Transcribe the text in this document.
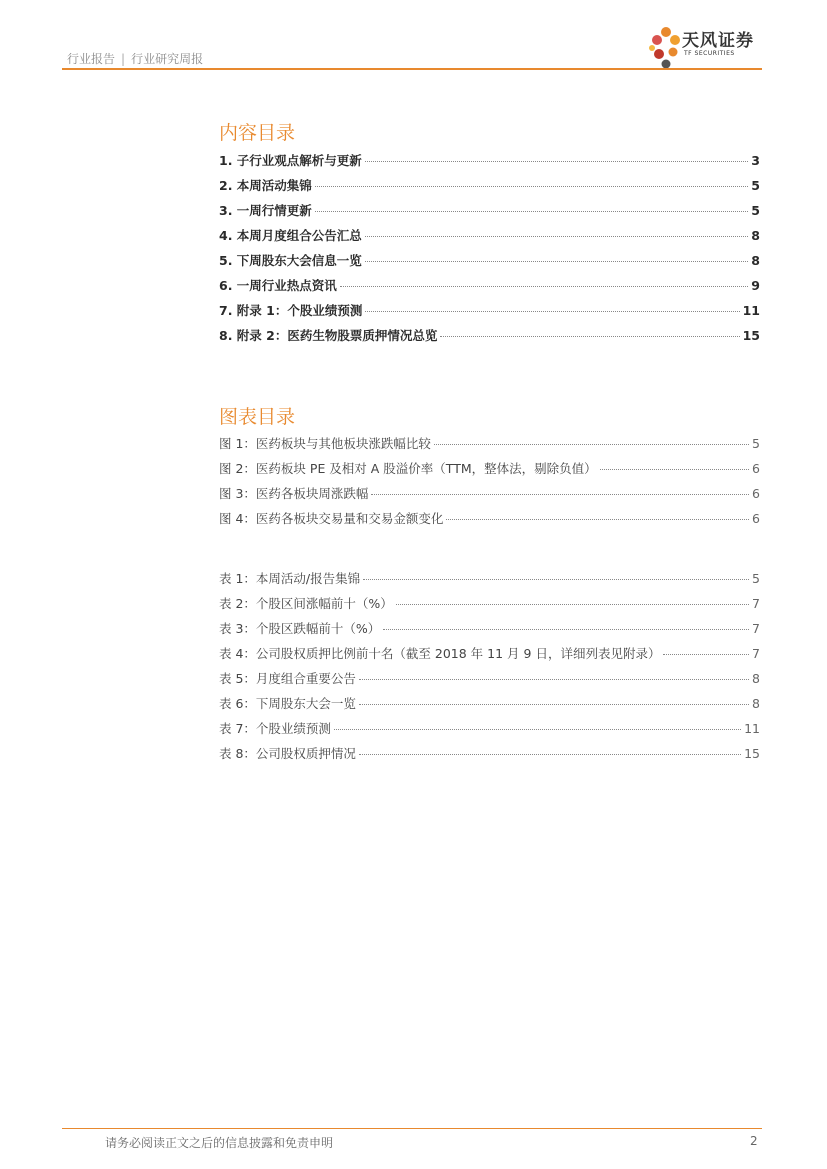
行业报告 | 行业研究周报
天风证券
TF SECURITIES
内容目录
1. 子行业观点解析与更新	3
2. 本周活动集锦	5
3. 一周行情更新	5
4. 本周月度组合公告汇总	8
5. 下周股东大会信息一览	8
6. 一周行业热点资讯	9
7. 附录 1：个股业绩预测	11
8. 附录 2：医药生物股票质押情况总览	15
图表目录
图 1：医药板块与其他板块涨跌幅比较	5
图 2：医药板块 PE 及相对 A 股溢价率（TTM，整体法，剔除负值）	6
图 3：医药各板块周涨跌幅	6
图 4：医药各板块交易量和交易金额变化	6
表 1：本周活动/报告集锦	5
表 2：个股区间涨幅前十（%）	7
表 3：个股区跌幅前十（%）	7
表 4：公司股权质押比例前十名（截至 2018 年 11 月 9 日，详细列表见附录）	7
表 5：月度组合重要公告	8
表 6：下周股东大会一览	8
表 7：个股业绩预测	11
表 8：公司股权质押情况	15
请务必阅读正文之后的信息披露和免责申明	2
